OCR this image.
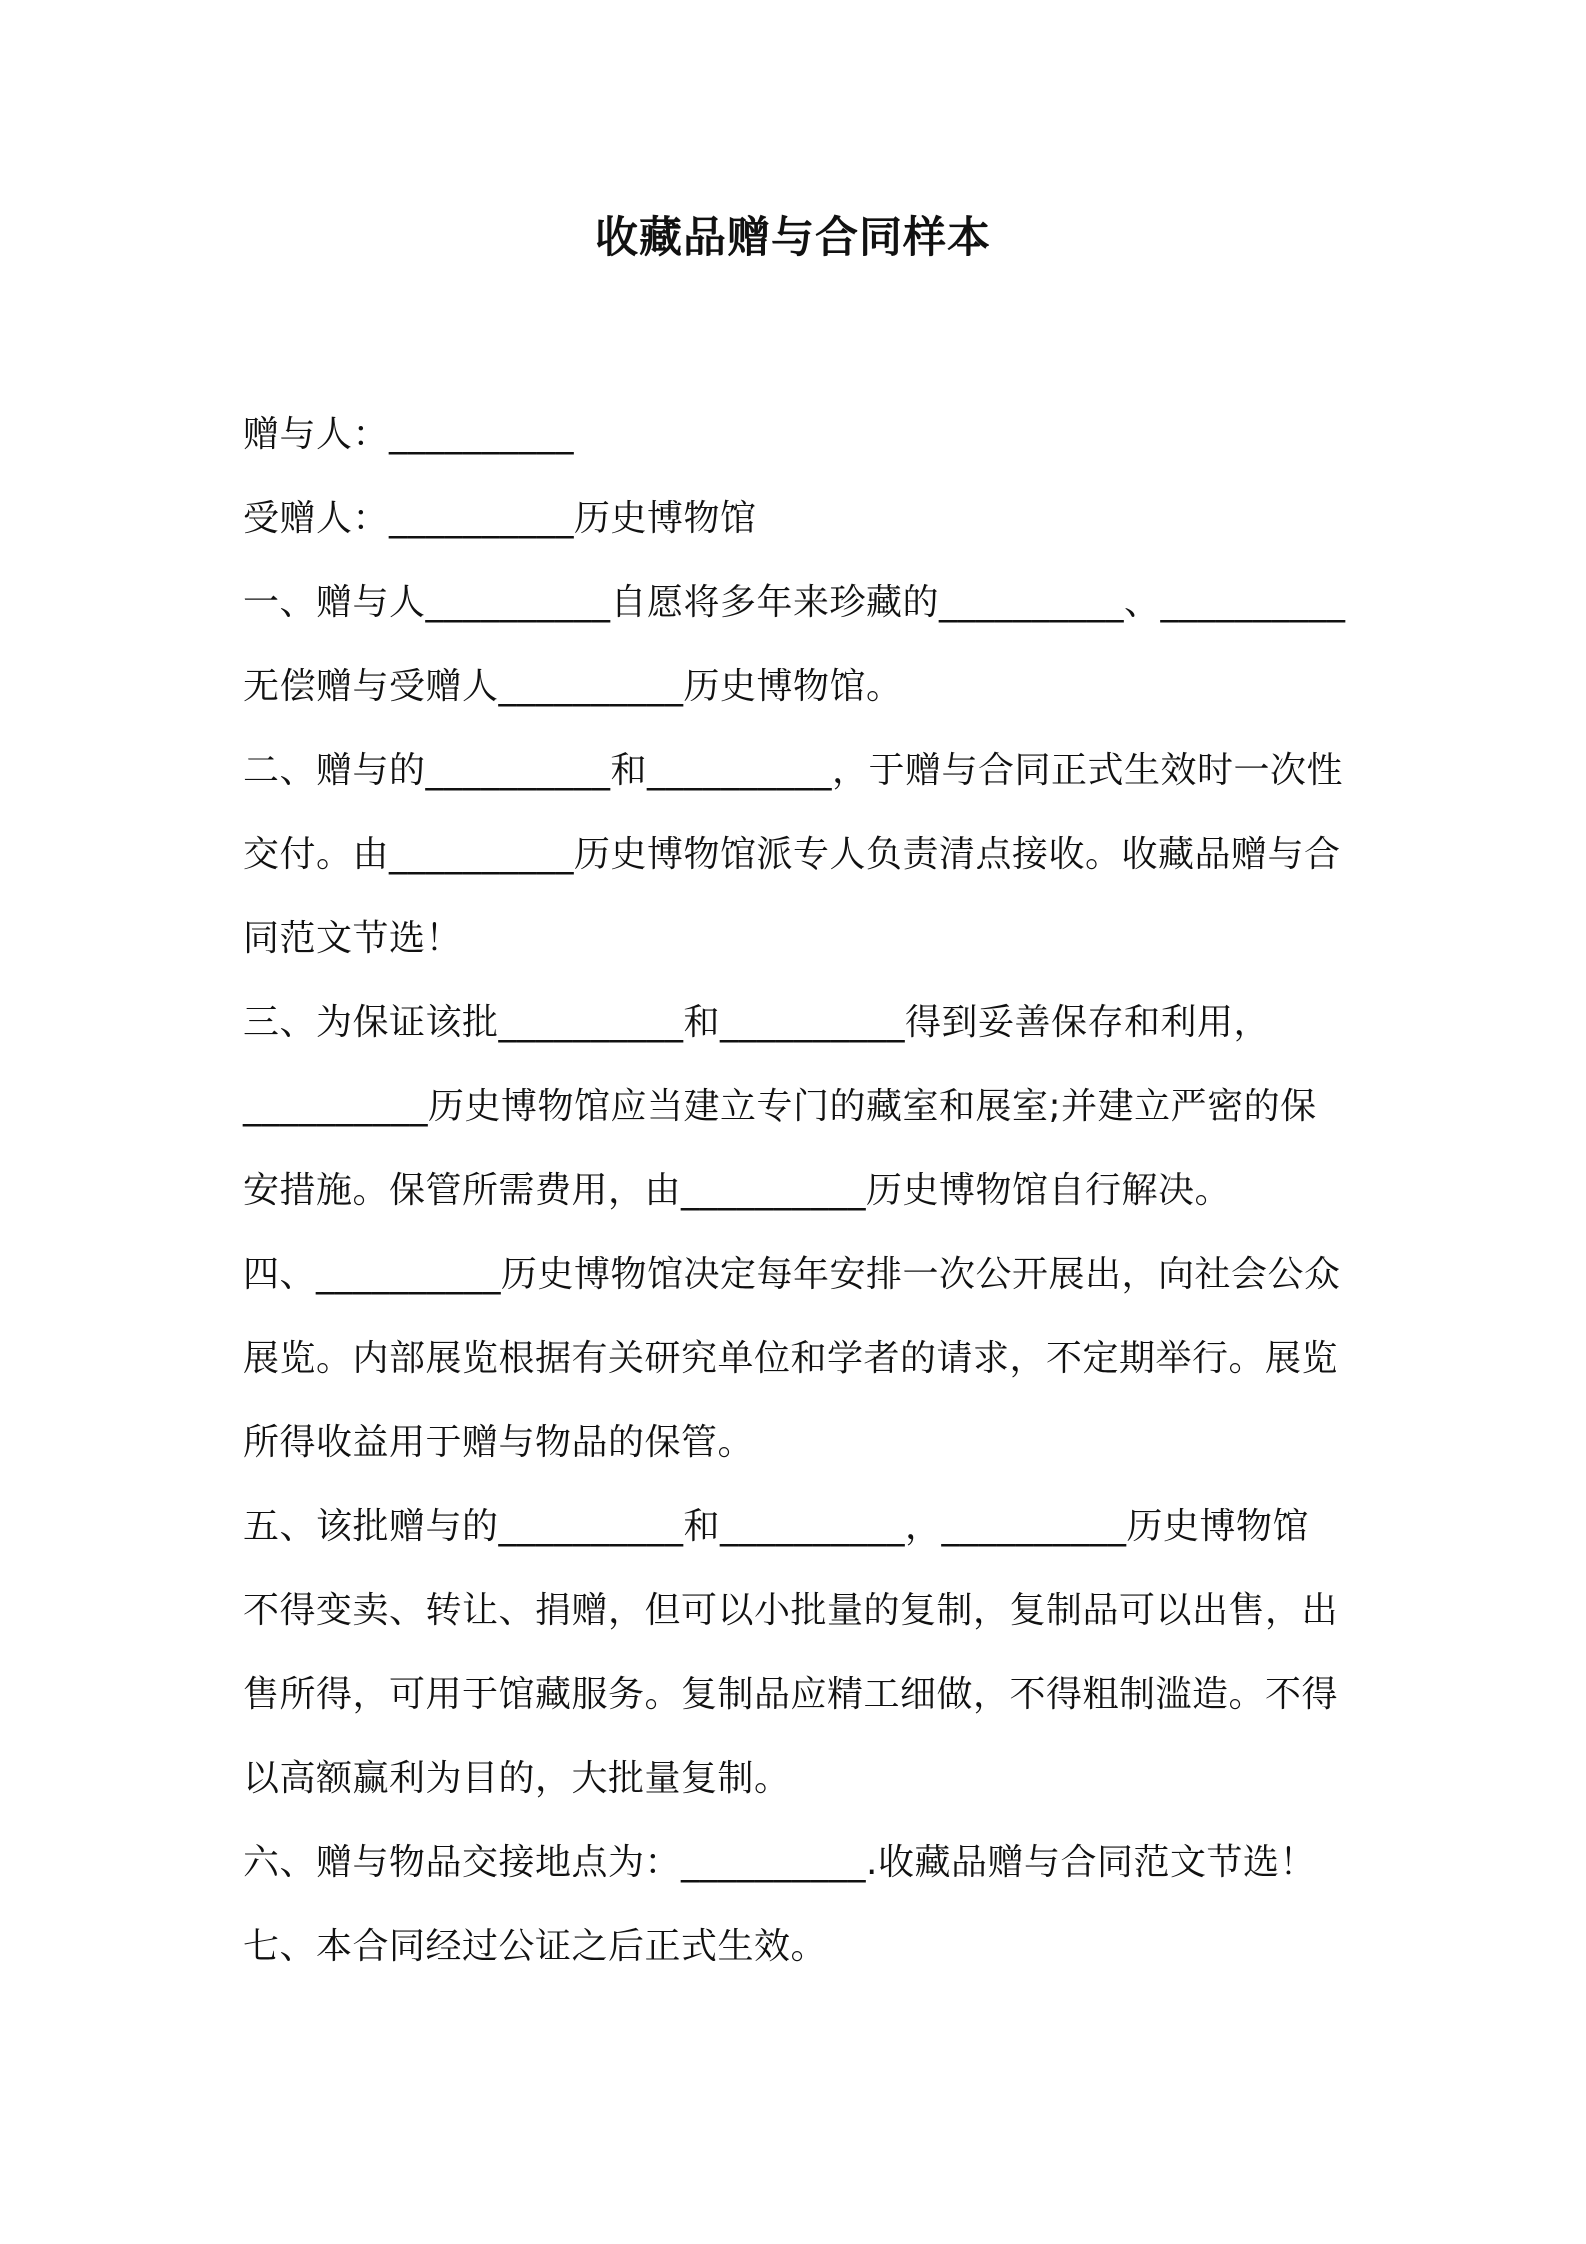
收藏品赠与合同样本
赠与人：__________
受赠人：__________历史博物馆
一、赠与人__________自愿将多年来珍藏的__________、__________
无偿赠与受赠人__________历史博物馆。
二、赠与的__________和__________，于赠与合同正式生效时一次性
交付。由__________历史博物馆派专人负责清点接收。收藏品赠与合
同范文节选！
三、为保证该批__________和__________得到妥善保存和利用，
__________历史博物馆应当建立专门的藏室和展室;并建立严密的保
安措施。保管所需费用，由__________历史博物馆自行解决。
四、__________历史博物馆决定每年安排一次公开展出，向社会公众
展览。内部展览根据有关研究单位和学者的请求，不定期举行。展览
所得收益用于赠与物品的保管。
五、该批赠与的__________和__________，__________历史博物馆
不得变卖、转让、捐赠，但可以小批量的复制，复制品可以出售，出
售所得，可用于馆藏服务。复制品应精工细做，不得粗制滥造。不得
以高额赢利为目的，大批量复制。
六、赠与物品交接地点为：__________.收藏品赠与合同范文节选！
七、本合同经过公证之后正式生效。
